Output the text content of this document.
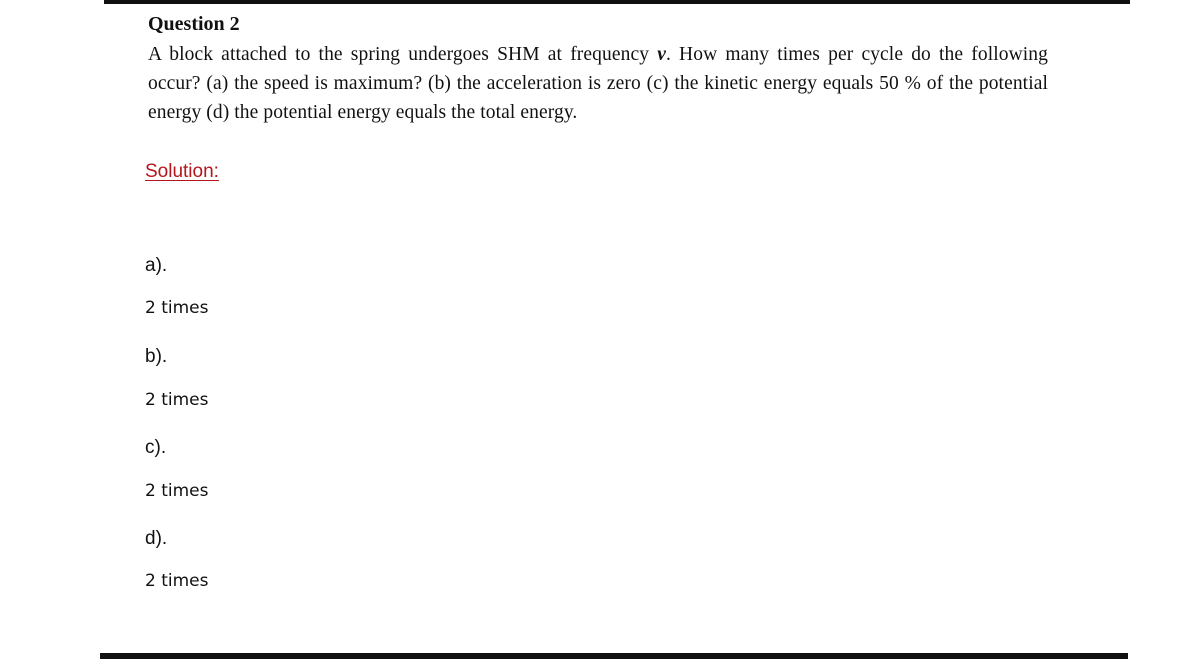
Question 2
A block attached to the spring undergoes SHM at frequency ν. How many times per cycle do the following occur? (a) the speed is maximum? (b) the acceleration is zero (c) the kinetic energy equals 50 % of the potential energy (d) the potential energy equals the total energy.
Solution:
a).
2 times
b).
2 times
c).
2 times
d).
2 times
